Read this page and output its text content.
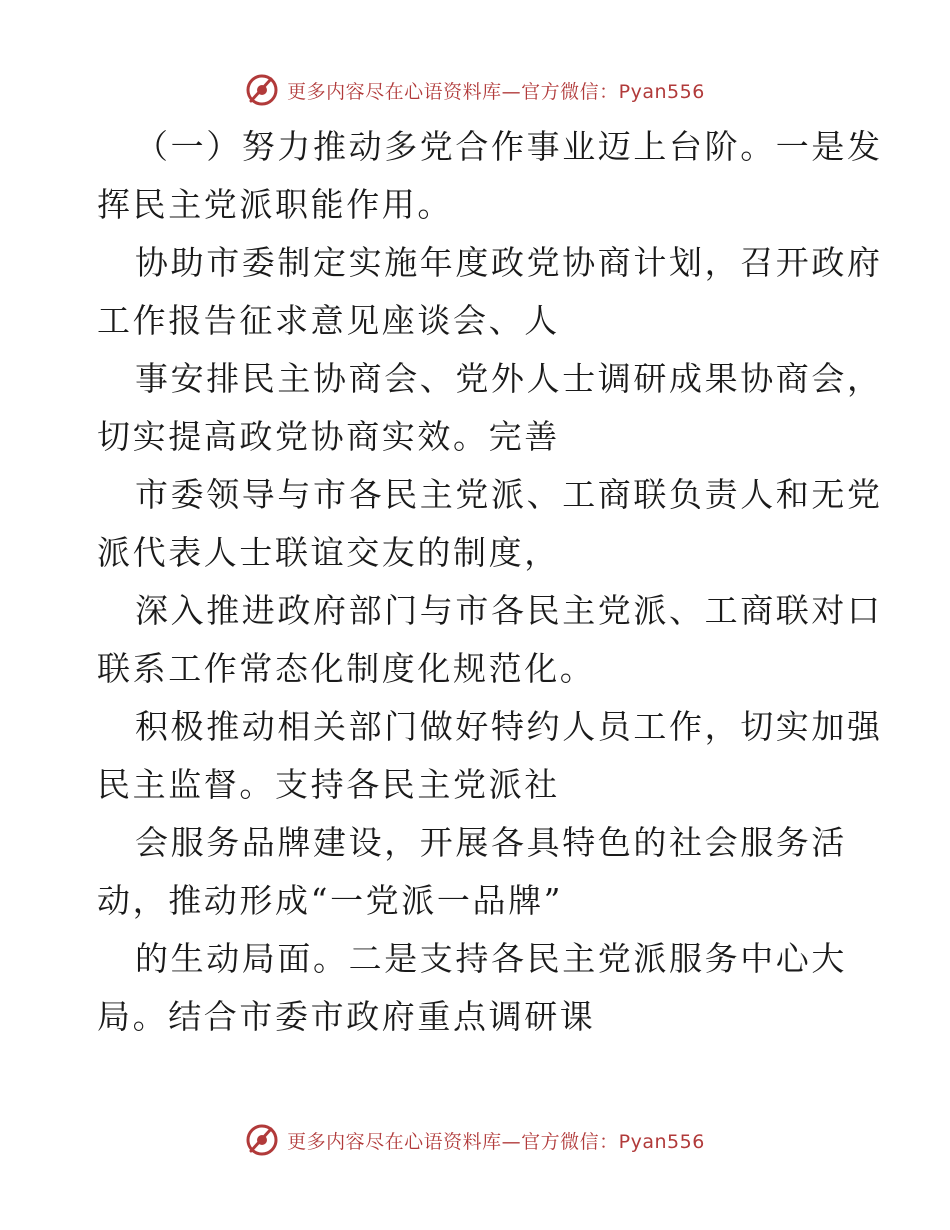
更多内容尽在心语资料库—官方微信：Pyan556
（一）努力推动多党合作事业迈上台阶。一是发
挥民主党派职能作用。
协助市委制定实施年度政党协商计划，召开政府
工作报告征求意见座谈会、人
事安排民主协商会、党外人士调研成果协商会，
切实提高政党协商实效。完善
市委领导与市各民主党派、工商联负责人和无党
派代表人士联谊交友的制度，
深入推进政府部门与市各民主党派、工商联对口
联系工作常态化制度化规范化。
积极推动相关部门做好特约人员工作，切实加强
民主监督。支持各民主党派社
会服务品牌建设，开展各具特色的社会服务活
动，推动形成“一党派一品牌”
的生动局面。二是支持各民主党派服务中心大
局。结合市委市政府重点调研课
更多内容尽在心语资料库—官方微信：Pyan556
